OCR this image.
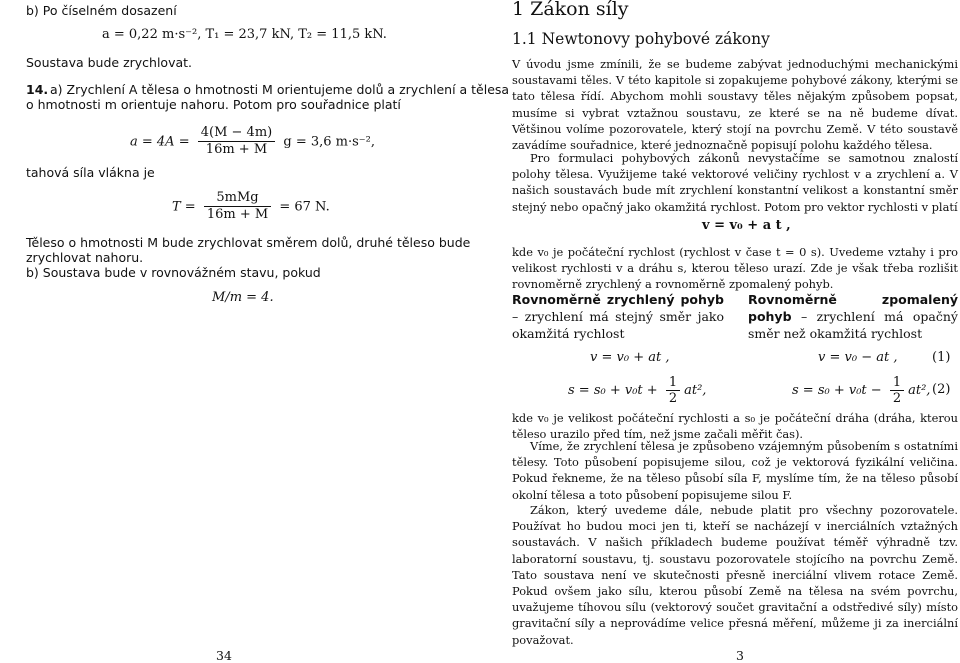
b) Po číselném dosazení
a = 0,22 m·s⁻², T₁ = 23,7 kN, T₂ = 11,5 kN.
Soustava bude zrychlovat.
14. a) Zrychlení A tělesa o hmotnosti M orientujeme dolů a zrychlení a tělesa
o hmotnosti m orientuje nahoru. Potom pro souřadnice platí
$a = 4A = \frac{4(M - 4m)}{16m + M}$ g = 3,6 m·s⁻²,
tahová síla vlákna je
$T = \frac{\text{5mMg}}{16m + M} = 67$ N.
Těleso o hmotnosti M bude zrychlovat směrem dolů, druhé těleso bude
zrychlovat nahoru.
b) Soustava bude v rovnovážném stavu, pokud
M/m = 4.
34
1 Zákon síly
1.1 Newtonovy pohybové zákony
V úvodu jsme zmínili, že se budeme zabývat jednoduchými mechanickými soustavami těles. V této kapitole si zopakujeme pohybové zákony, kterými se tato tělesa řídí. Abychom mohli soustavy těles nějakým způsobem popsat, musíme si vybrat vztažnou soustavu, ze které se na ně budeme dívat. Většinou volíme pozorovatele, který stojí na povrchu Země. V této soustavě zavádíme souřadnice, které jednoznačně popisují polohu každého tělesa.
Pro formulaci pohybových zákonů nevystačíme se samotnou znalostí polohy tělesa. Využijeme také vektorové veličiny rychlost v a zrychlení a. V našich soustavách bude mít zrychlení konstantní velikost a konstantní směr stejný nebo opačný jako okamžitá rychlost. Potom pro vektor rychlosti v platí
v = v₀ + a t ,
kde v₀ je počáteční rychlost (rychlost v čase t = 0 s). Uvedeme vztahy i pro velikost rychlosti v a dráhu s, kterou těleso urazí. Zde je však třeba rozlišit rovnoměrně zrychlený a rovnoměrně zpomalený pohyb.
Rovnoměrně zrychlený pohyb – zrychlení má stejný směr jako okamžitá rychlost
Rovnoměrně zpomalený pohyb – zrychlení má opačný směr než okamžitá rychlost
v = v₀ + at ,	v = v₀ − at ,	(1)
$s = s_0 + v_0t + \frac{1}{2} at^2$,	$s = s_0 + v_0t - \frac{1}{2} at^2$, (2)
kde v₀ je velikost počáteční rychlosti a s₀ je počáteční dráha (dráha, kterou těleso urazilo před tím, než jsme začali měřit čas).
Víme, že zrychlení tělesa je způsobeno vzájemným působením s ostatními tělesy. Toto působení popisujeme silou, což je vektorová fyzikální veličina. Pokud řekneme, že na těleso působí síla F, myslíme tím, že na těleso působí okolní tělesa a toto působení popisujeme silou F.
Zákon, který uvedeme dále, nebude platit pro všechny pozorovatele. Používat ho budou moci jen ti, kteří se nacházejí v inerciálních vztažných soustavách. V našich příkladech budeme používat téměř výhradně tzv. laboratorní soustavu, tj. soustavu pozorovatele stojícího na povrchu Země. Tato soustava není ve skutečnosti přesně inerciální vlivem rotace Země. Pokud ovšem jako sílu, kterou působí Země na tělesa na svém povrchu, uvažujeme tíhovou sílu (vektorový součet gravitační a odstředivé síly) místo gravitační síly a neprovádíme velice přesná měření, můžeme ji za inerciální považovat.
3
